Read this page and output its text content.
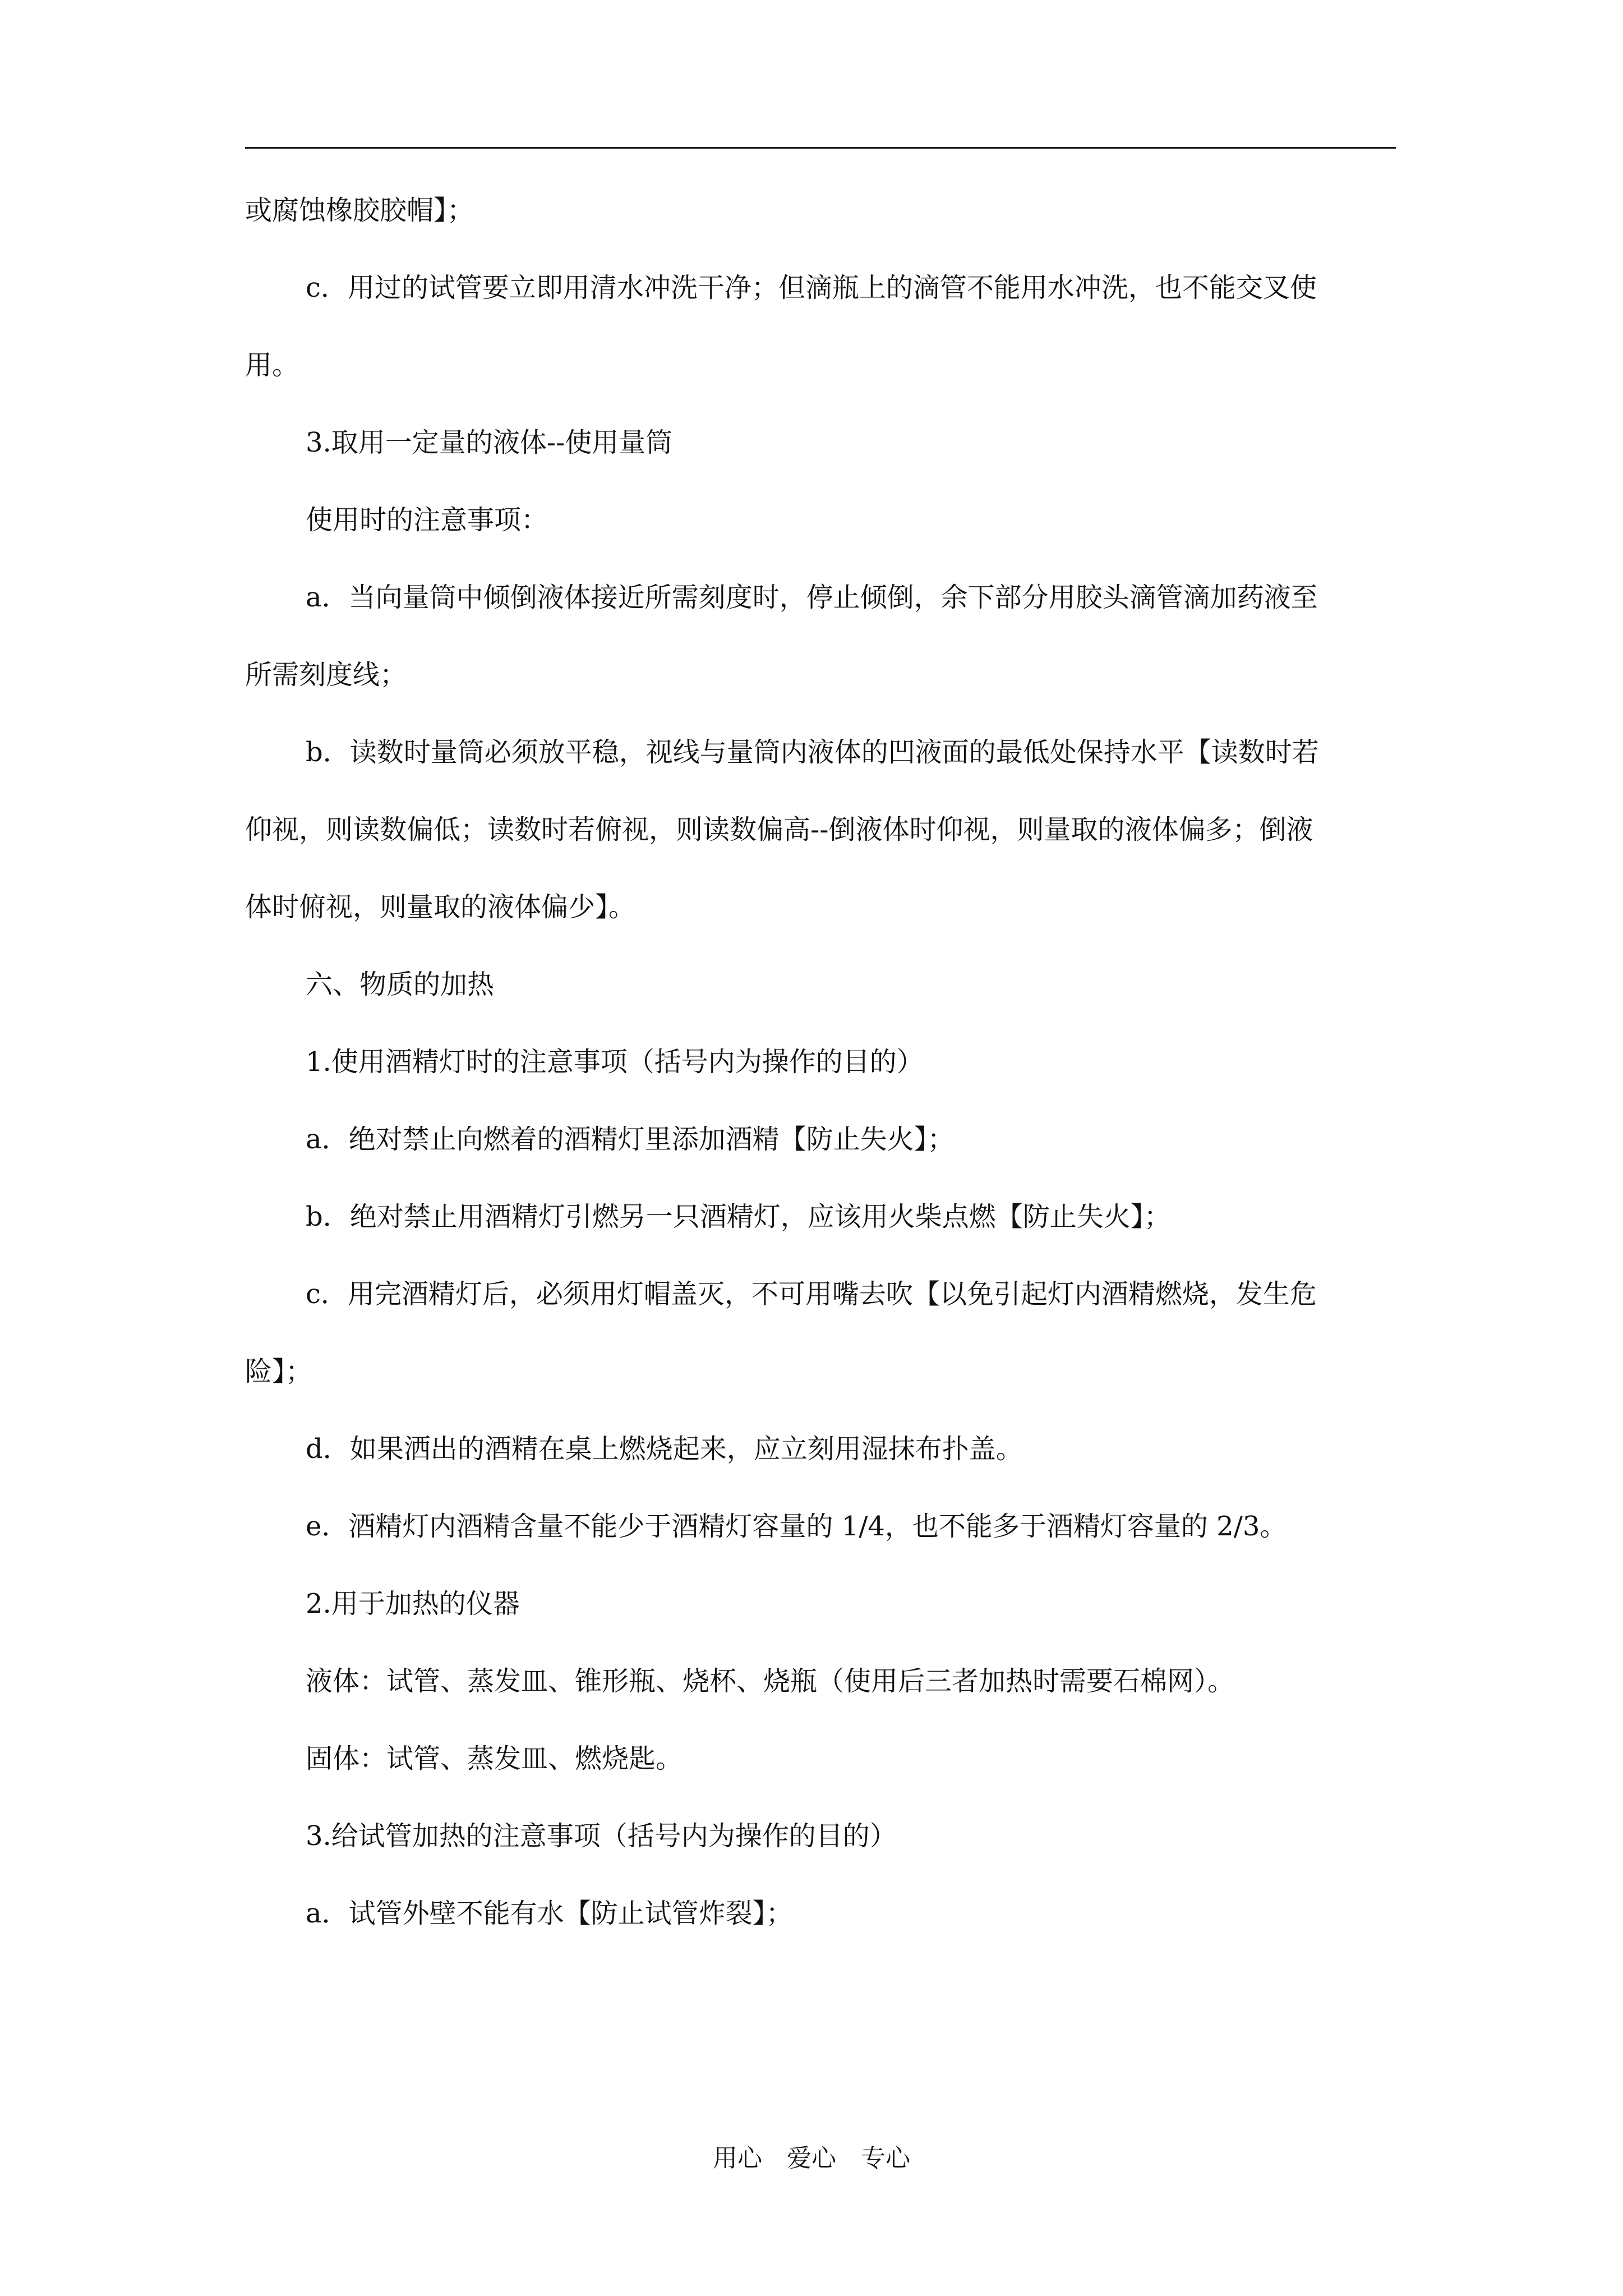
或腐蚀橡胶胶帽】；

c．用过的试管要立即用清水冲洗干净；但滴瓶上的滴管不能用水冲洗，也不能交叉使

用。

3.取用一定量的液体--使用量筒

使用时的注意事项：

a．当向量筒中倾倒液体接近所需刻度时，停止倾倒，余下部分用胶头滴管滴加药液至

所需刻度线；

b．读数时量筒必须放平稳，视线与量筒内液体的凹液面的最低处保持水平【读数时若

仰视，则读数偏低；读数时若俯视，则读数偏高--倒液体时仰视，则量取的液体偏多；倒液

体时俯视，则量取的液体偏少】。

六、物质的加热

1.使用酒精灯时的注意事项（括号内为操作的目的）

a．绝对禁止向燃着的酒精灯里添加酒精【防止失火】；

b．绝对禁止用酒精灯引燃另一只酒精灯，应该用火柴点燃【防止失火】；

c．用完酒精灯后，必须用灯帽盖灭，不可用嘴去吹【以免引起灯内酒精燃烧，发生危

险】；

d．如果洒出的酒精在桌上燃烧起来，应立刻用湿抹布扑盖。

e．酒精灯内酒精含量不能少于酒精灯容量的 1/4，也不能多于酒精灯容量的 2/3。

2.用于加热的仪器

液体：试管、蒸发皿、锥形瓶、烧杯、烧瓶（使用后三者加热时需要石棉网）。

固体：试管、蒸发皿、燃烧匙。

3.给试管加热的注意事项（括号内为操作的目的）

a．试管外壁不能有水【防止试管炸裂】；

用心　爱心　专心
